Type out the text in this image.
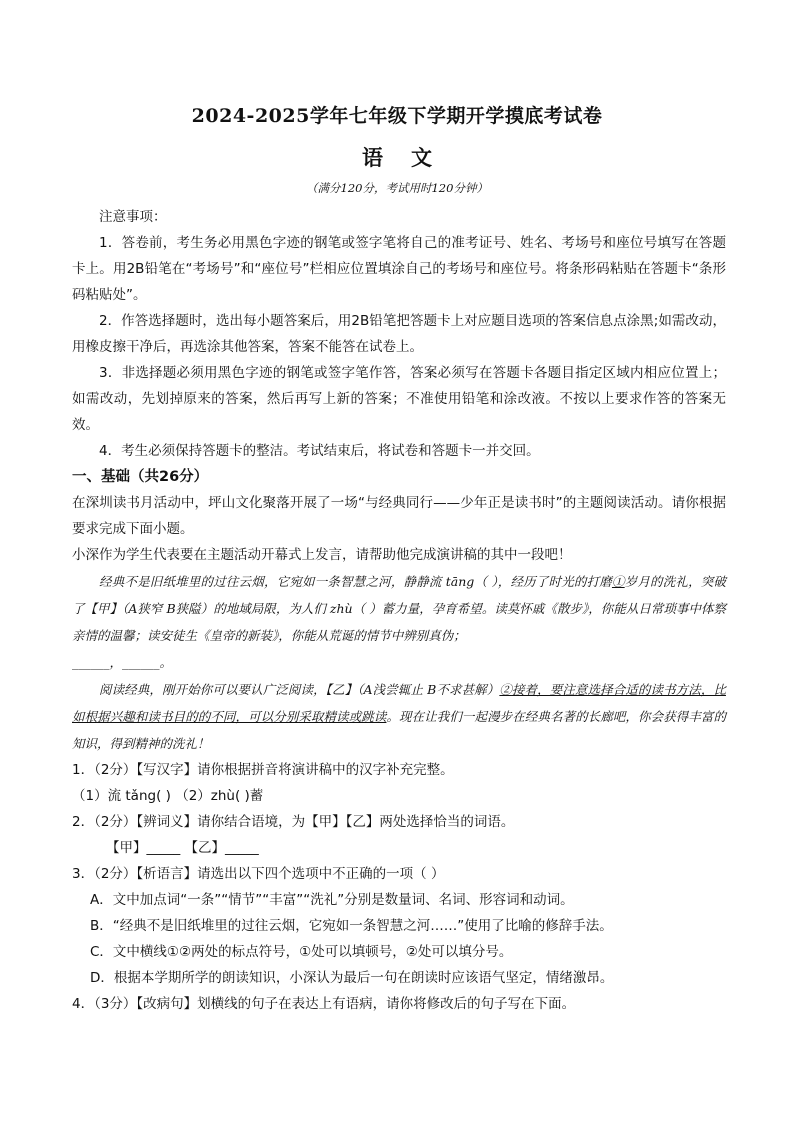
2024-2025学年七年级下学期开学摸底考试卷
语 文
（满分120分，考试用时120分钟）

注意事项：

1．答卷前，考生务必用黑色字迹的钢笔或签字笔将自己的准考证号、姓名、考场号和座位号填写在答题卡上。用2B铅笔在“考场号”和“座位号”栏相应位置填涂自己的考场号和座位号。将条形码粘贴在答题卡“条形码粘贴处”。

2．作答选择题时，选出每小题答案后，用2B铅笔把答题卡上对应题目选项的答案信息点涂黑;如需改动，用橡皮擦干净后，再选涂其他答案，答案不能答在试卷上。

3．非选择题必须用黑色字迹的钢笔或签字笔作答，答案必须写在答题卡各题目指定区域内相应位置上；如需改动，先划掉原来的答案，然后再写上新的答案；不准使用铅笔和涂改液。不按以上要求作答的答案无效。

4．考生必须保持答题卡的整洁。考试结束后，将试卷和答题卡一并交回。

一、基础（共26分）

在深圳读书月活动中，坪山文化聚落开展了一场“与经典同行——少年正是读书时”的主题阅读活动。请你根据要求完成下面小题。

小深作为学生代表要在主题活动开幕式上发言，请帮助他完成演讲稿的其中一段吧！

经典不是旧纸堆里的过往云烟，它宛如一条智慧之河，静静流 tāng（ ），经历了时光的打磨①岁月的洗礼，突破了【甲】（A狭窄 B狭隘）的地域局限，为人们 zhù（ ）蓄力量，孕育希望。读莫怀戚《散步》，你能从日常琐事中体察亲情的温馨；读安徒生《皇帝的新装》，你能从荒诞的情节中辨别真伪；

______，______。

阅读经典，刚开始你可以要认广泛阅读，【乙】（A浅尝辄止 B不求甚解）②接着，要注意选择合适的读书方法，比如根据兴趣和读书目的的不同，可以分别采取精读或跳读。现在让我们一起漫步在经典名著的长廊吧，你会获得丰富的知识，得到精神的洗礼！

1．（2分）【写汉字】请你根据拼音将演讲稿中的汉字补充完整。

（1）流 tǎng( ) （2）zhù( )蓄

2．（2分）【辨词义】请你结合语境，为【甲】【乙】两处选择恰当的词语。

【甲】_____ 【乙】_____

3．（2分）【析语言】请选出以下四个选项中不正确的一项（ ）

A．文中加点词“一条”“情节”“丰富”“洗礼”分别是数量词、名词、形容词和动词。

B．“经典不是旧纸堆里的过往云烟，它宛如一条智慧之河……”使用了比喻的修辞手法。

C．文中横线①②两处的标点符号，①处可以填顿号，②处可以填分号。

D．根据本学期所学的朗读知识，小深认为最后一句在朗读时应该语气坚定，情绪激昂。

4．（3分）【改病句】划横线的句子在表达上有语病，请你将修改后的句子写在下面。
